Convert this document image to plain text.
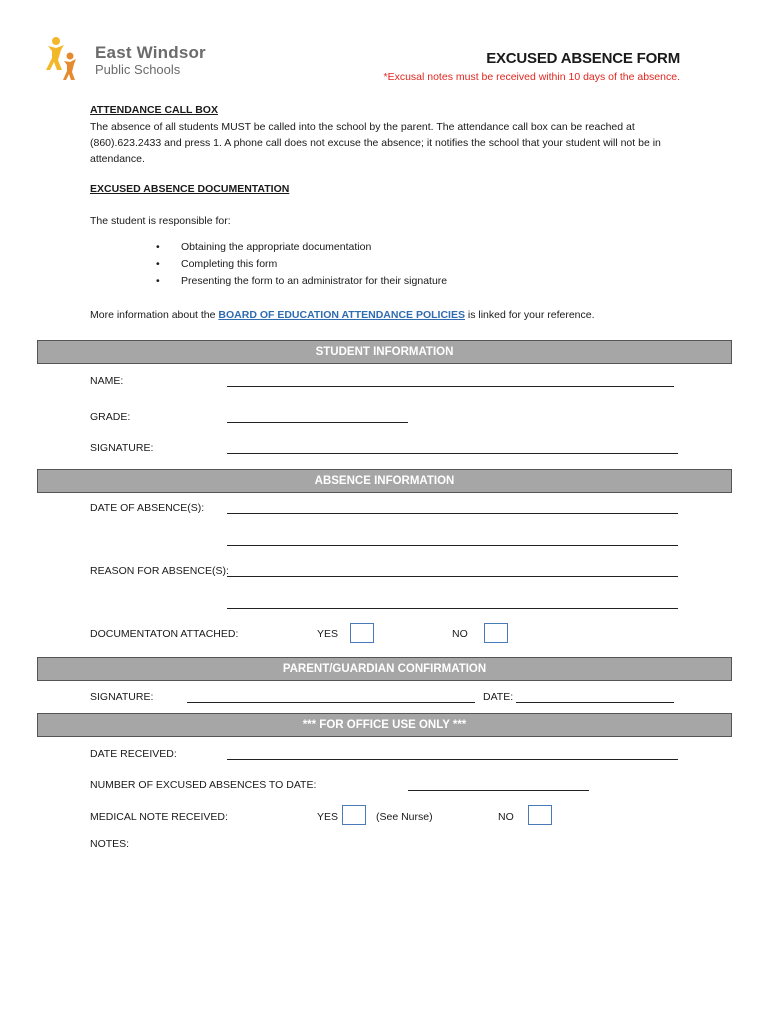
East Windsor
Public Schools
EXCUSED ABSENCE FORM
*Excusal notes must be received within 10 days of the absence.
ATTENDANCE CALL BOX
The absence of all students MUST be called into the school by the parent. The attendance call box can be reached at (860).623.2433 and press 1. A phone call does not excuse the absence; it notifies the school that your student will not be in attendance.
EXCUSED ABSENCE DOCUMENTATION
The student is responsible for:
• Obtaining the appropriate documentation
• Completing this form
• Presenting the form to an administrator for their signature
More information about the BOARD OF EDUCATION ATTENDANCE POLICIES is linked for your reference.
STUDENT INFORMATION
NAME:
GRADE:
SIGNATURE:
ABSENCE INFORMATION
DATE OF ABSENCE(S):
REASON FOR ABSENCE(S):
DOCUMENTATON ATTACHED:	YES	NO
PARENT/GUARDIAN CONFIRMATION
SIGNATURE:	DATE:
*** FOR OFFICE USE ONLY ***
DATE RECEIVED:
NUMBER OF EXCUSED ABSENCES TO DATE:
MEDICAL NOTE RECEIVED:	YES	(See Nurse)	NO
NOTES:
